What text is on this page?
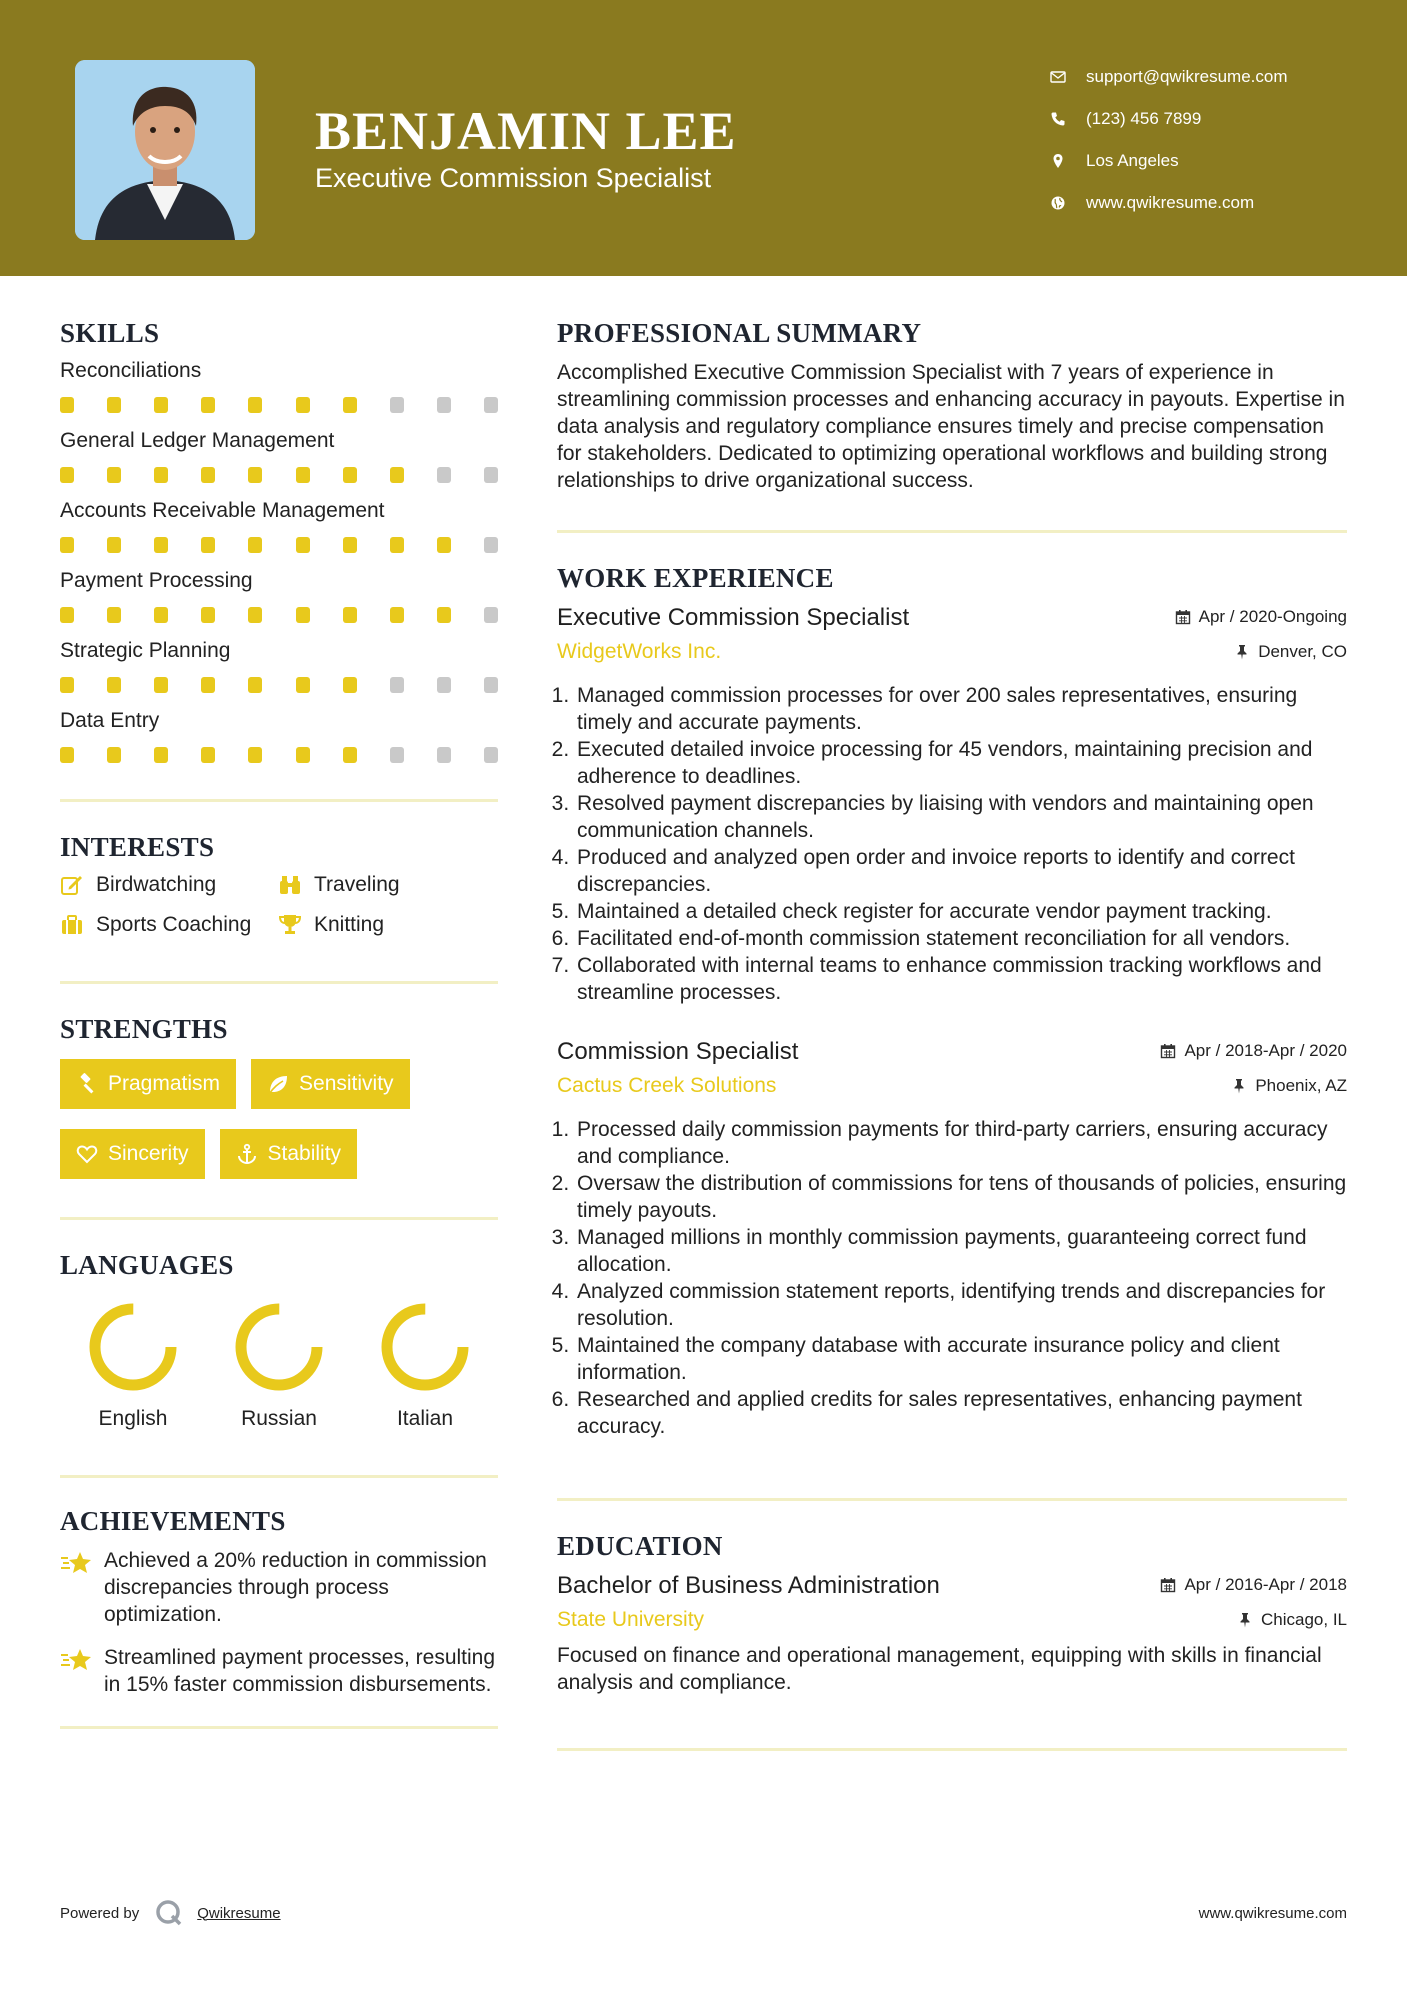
BENJAMIN LEE
Executive Commission Specialist
support@qwikresume.com
(123) 456 7899
Los Angeles
www.qwikresume.com
SKILLS
Reconciliations
General Ledger Management
Accounts Receivable Management
Payment Processing
Strategic Planning
Data Entry
INTERESTS
Birdwatching	Traveling
Sports Coaching	Knitting
STRENGTHS
Pragmatism	Sensitivity
Sincerity	Stability
LANGUAGES
English	Russian	Italian
ACHIEVEMENTS
Achieved a 20% reduction in commission discrepancies through process optimization.
Streamlined payment processes, resulting in 15% faster commission disbursements.
PROFESSIONAL SUMMARY

Accomplished Executive Commission Specialist with 7 years of experience in streamlining commission processes and enhancing accuracy in payouts. Expertise in data analysis and regulatory compliance ensures timely and precise compensation for stakeholders. Dedicated to optimizing operational workflows and building strong relationships to drive organizational success.

WORK EXPERIENCE
Executive Commission Specialist	Apr / 2020-Ongoing
WidgetWorks Inc.	Denver, CO
1. Managed commission processes for over 200 sales representatives, ensuring timely and accurate payments.
2. Executed detailed invoice processing for 45 vendors, maintaining precision and adherence to deadlines.
3. Resolved payment discrepancies by liaising with vendors and maintaining open communication channels.
4. Produced and analyzed open order and invoice reports to identify and correct discrepancies.
5. Maintained a detailed check register for accurate vendor payment tracking.
6. Facilitated end-of-month commission statement reconciliation for all vendors.
7. Collaborated with internal teams to enhance commission tracking workflows and streamline processes.
Commission Specialist	Apr / 2018-Apr / 2020
Cactus Creek Solutions	Phoenix, AZ
1. Processed daily commission payments for third-party carriers, ensuring accuracy and compliance.
2. Oversaw the distribution of commissions for tens of thousands of policies, ensuring timely payouts.
3. Managed millions in monthly commission payments, guaranteeing correct fund allocation.
4. Analyzed commission statement reports, identifying trends and discrepancies for resolution.
5. Maintained the company database with accurate insurance policy and client information.
6. Researched and applied credits for sales representatives, enhancing payment accuracy.
EDUCATION
Bachelor of Business Administration	Apr / 2016-Apr / 2018
State University	Chicago, IL
Focused on finance and operational management, equipping with skills in financial analysis and compliance.
Powered by	Qwikresume	www.qwikresume.com
